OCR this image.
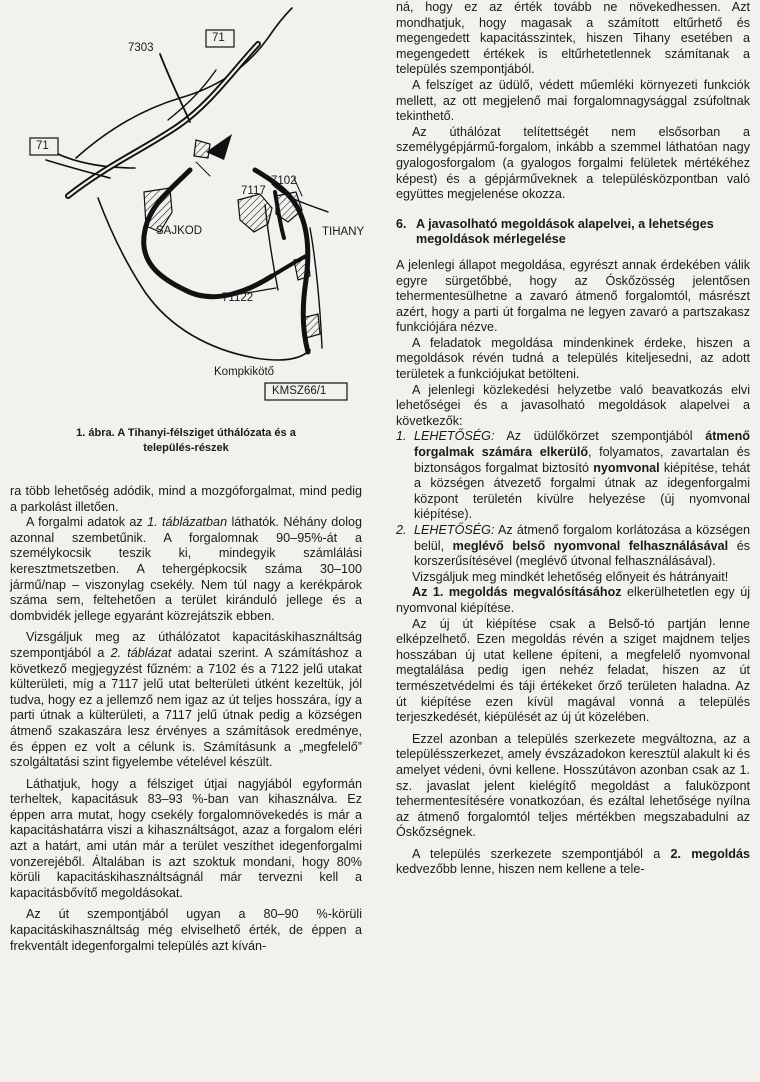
7303
71
71
7117
7102
SAJKOD	TIHANY
71122
Kompkikötő
KMSZ66/1
1. ábra. A Tihanyi-félsziget úthálózata és a
település-részek

ra több lehetőség adódik, mind a mozgóforgalmat, mind pedig a parkolást illetően.

A forgalmi adatok az 1. táblázatban láthatók. Néhány dolog azonnal szembetűnik. A forgalomnak 90–95%-át a személykocsik teszik ki, mindegyik számlálási keresztmetszetben. A tehergépkocsik száma 30–100 jármű/nap – viszonylag csekély. Nem túl nagy a kerékpárok száma sem, feltehetően a terület kiránduló jellege és a dombvidék jellege egyaránt közrejátszik ebben.

Vizsgáljuk meg az úthálózatot kapacitáskihasználtság szempontjából a 2. táblázat adatai szerint. A számításhoz a következő megjegyzést fűzném: a 7102 és a 7122 jelű utakat külterületi, míg a 7117 jelű utat belterületi útként kezeltük, jól tudva, hogy ez a jellemző nem igaz az út teljes hosszára, így a parti útnak a külterületi, a 7117 jelű útnak pedig a községen átmenő szakaszára lesz érvényes a számítások eredménye, és éppen ez volt a célunk is. Számításunk a „megfelelő” szolgáltatási szint figyelembe vételével készült.

Láthatjuk, hogy a félsziget útjai nagyjából egyformán terheltek, kapacitásuk 83–93 %-ban van kihasználva. Ez éppen arra mutat, hogy csekély forgalomnövekedés is már a kapacitáshatárra viszi a kihasználtságot, azaz a forgalom eléri azt a határt, ami után már a terület veszíthet idegenforgalmi vonzerejéből. Általában is azt szoktuk mondani, hogy 80% körüli kapacitáskihasználtságnál már tervezni kell a kapacitásbővítő megoldásokat.

Az út szempontjából ugyan a 80–90 %-körüli kapacitáskihasználtság még elviselhető érték, de éppen a frekventált idegenforgalmi település azt kíván-

ná, hogy ez az érték tovább ne növekedhessen. Azt mondhatjuk, hogy magasak a számított eltűrhető és megengedett kapacitásszintek, hiszen Tihany esetében a megengedett értékek is eltűrhetetlennek számítanak a település szempontjából.

A felszíget az üdülő, védett műemléki környezeti funkciók mellett, az ott megjelenő mai forgalomnagysággal zsúfoltnak tekinthető.

Az úthálózat telítettségét nem elsősorban a személygépjármű-forgalom, inkább a szemmel láthatóan nagy gyalogosforgalom (a gyalogos forgalmi felületek mértékéhez képest) és a gépjárműveknek a településközpontban való együttes megjelenése okozza.

6. A javasolható megoldások alapelvei, a lehetséges megoldások mérlegelése

A jelenlegi állapot megoldása, egyrészt annak érdekében válik egyre sürgetőbbé, hogy az Óskőzösség jelentősen tehermentesülhetne a zavaró átmenő forgalomtól, másrészt azért, hogy a parti út forgalma ne legyen zavaró a partszakasz funkciójára nézve.

A feladatok megoldása mindenkinek érdeke, hiszen a megoldások révén tudná a település kiteljesedni, az adott területek a funkciójukat betölteni.

A jelenlegi közlekedési helyzetbe való beavatkozás elvi lehetőségei és a javasolható megoldások alapelvei a következők:

1. LEHETŐSÉG: Az üdülőkörzet szempontjából átmenő forgalmak számára elkerülő, folyamatos, zavartalan és biztonságos forgalmat biztosító nyomvonal kiépítése, tehát a községen átvezető forgalmi útnak az idegenforgalmi központ területén kívülre helyezése (új nyomvonal kiépítése).
2. LEHETŐSÉG: Az átmenő forgalom korlátozása a községen belül, meglévő belső nyomvonal felhasználásával és korszerűsítésével (meglévő útvonal felhasználásával).

Vizsgáljuk meg mindkét lehetőség előnyeit és hátrányait!

Az 1. megoldás megvalósításához elkerülhetetlen egy új nyomvonal kiépítése.

Az új út kiépítése csak a Belső-tó partján lenne elképzelhető. Ezen megoldás révén a sziget majdnem teljes hosszában új utat kellene építeni, a megfelelő nyomvonal megtalálása pedig igen nehéz feladat, hiszen az út természetvédelmi és táji értékeket őrző területen haladna. Az út kiépítése ezen kívül magával vonná a település terjeszkedését, kiépülését az új út közelében.

Ezzel azonban a település szerkezete megváltozna, az a településszerkezet, amely évszázadokon keresztül alakult ki és amelyet védeni, óvni kellene. Hosszútávon azonban csak az 1. sz. javaslat jelent kielégítő megoldást a faluközpont tehermentesítésére vonatkozóan, és ezáltal lehetősége nyílna az átmenő forgalomtól teljes mértékben megszabadulni az Óskőzségnek.

A település szerkezete szempontjából a 2. megoldás kedvezőbb lenne, hiszen nem kellene a tele-
